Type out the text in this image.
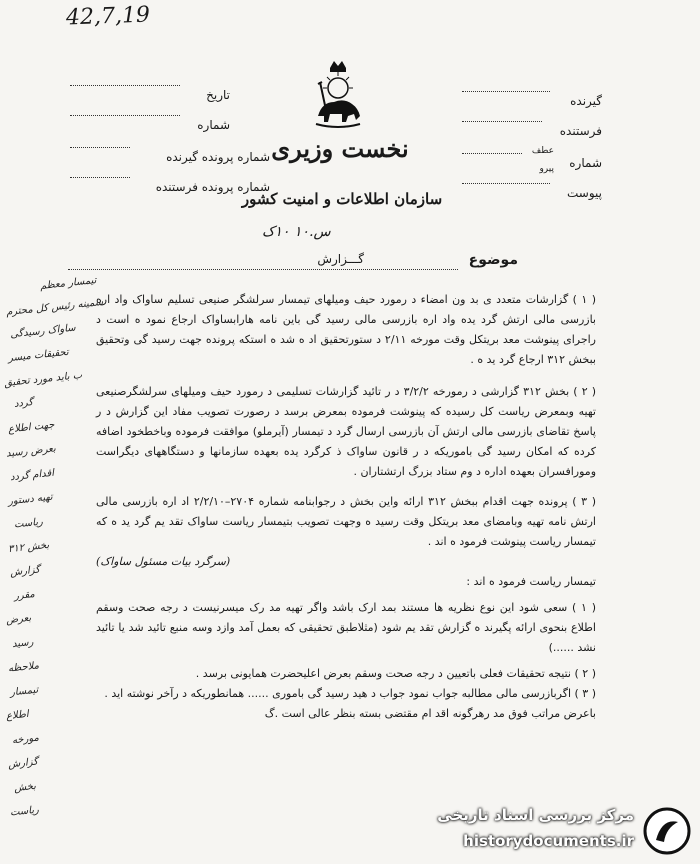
42,7,19
نخست وزیری
سازمان اطلاعات و امنیت کشور
س.۱۰ ۱۰ک
تاریخ
شماره
شماره پرونده گیرنده
شماره پرونده فرستنده
گیرنده
فرستنده
شماره
عطف
پیرو
پیوست
موضوع
گـــزارش

( ۱ ) گزارشات متعدد ی بد ون امضاء د رمورد حیف ومیلهای تیمسار سرلشگر صنیعی تسلیم ساواک واد اره بازرسی مالی ارتش گرد یده واد اره بازرسی مالی رسید گی باین نامه هارابساواک ارجاع نمود ه است د راجرای پینوشت معد بریتکل وقت مورخه ۲/۱۱ د ستورتحقیق اد ه شد ه استکه پرونده جهت رسید گی وتحقیق ببخش ۳۱۲ ارجاع گرد ید ه .

( ۲ ) بخش ۳۱۲ گزارشی د رمورخه ۳/۲/۲ د ر تائید گزارشات تسلیمی د رمورد حیف ومیلهای سرلشگرصنیعی تهیه وبمعرض ریاست کل رسیده که پینوشت فرموده بمعرض برسد د رصورت تصویب مفاد این گزارش د ر پاسخ تقاضای بازرسی مالی ارتش آن بازرسی ارسال گرد د تیمسار (آیرملو) موافقت فرموده وباخطخود اضافه کرده که امکان رسید گی باموریکه د ر قانون ساواک ذ کرگرد یده بعهده سازمانها و دستگاههای دیگراست ومورافسران بعهده اداره د وم ستاد بزرگ ارتشتاران .

( ۳ ) پرونده جهت اقدام ببخش ۳۱۲ ارائه واین بخش د رجوابنامه شماره ۲۷۰۴–۲/۲/۱۰ اد اره بازرسی مالی ارتش نامه تهیه وبامضای معد بریتکل وقت رسید ه وجهت تصویب بتیمسار ریاست ساواک تقد یم گرد ید ه که تیمسار ریاست پینوشت فرمود ه اند .

(سرگرد بیات مسئول ساواک)

تیمسار ریاست فرمود ه اند :

( ۱ ) سعی شود این نوع نظریه ها مستند بمد ارک باشد واگر تهیه مد رک میسرنیست د رجه صحت وسقم اطلاع بنحوی ارائه پگیرند ه گزارش تقد یم شود (مثلاطبق تحقیقی که بعمل آمد وازد وسه منبع تائید شد یا تائید نشد ......)

( ۲ ) نتیجه تحقیقات فعلی باتعیین د رجه صحت وسقم بعرض اعلیحضرت همایونی برسد .

( ۳ ) اگربازرسی مالی مطالبه جواب نمود جواب د هید رسید گی باموری ...... همانطوریکه د رآخر نوشته اید .

باعرض مراتب فوق مد رهرگونه اقد ام مقتضی بسته بنظر عالی است .گ

تیمسار معظم
سمینه رئیس کل محترم
ساواک رسیدگی
تحقیقات میسر
ب باید مورد تحقیق
گردد
جهت اطلاع
بعرض رسید
اقدام گردد
تهیه دستور
ریاست
بخش ۳۱۲
گزارش
مقرر
بعرض
رسید
ملاحظه
تیمسار
اطلاع
مورخه
گزارش
بخش
ریاست	مرکز بررسی اسناد تاریخی
historydocuments.ir
